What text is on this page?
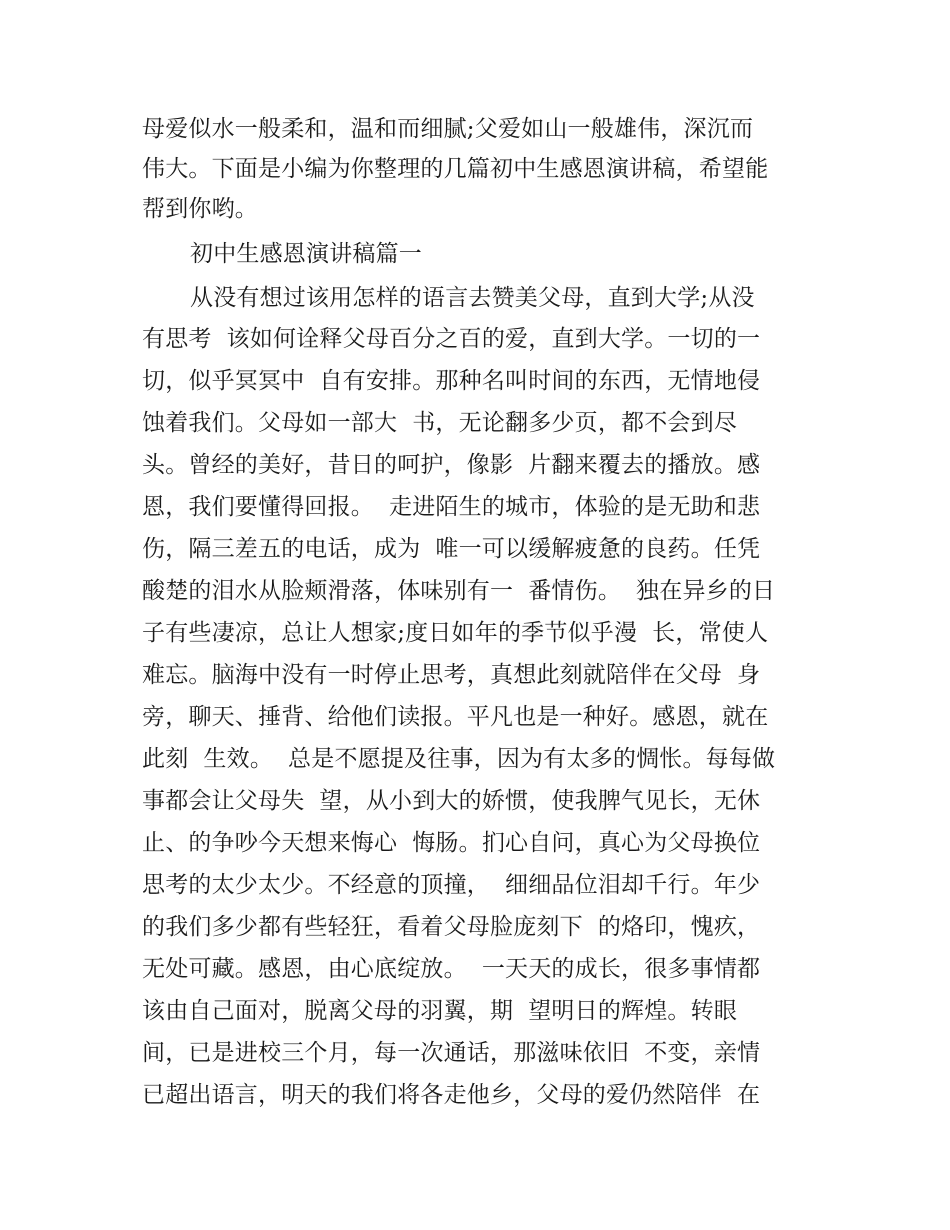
母爱似水一般柔和，温和而细腻;父爱如山一般雄伟，深沉而
伟大。下面是小编为你整理的几篇初中生感恩演讲稿，希望能
帮到你哟。
初中生感恩演讲稿篇一
从没有想过该用怎样的语言去赞美父母，直到大学;从没
有思考  该如何诠释父母百分之百的爱，直到大学。一切的一
切，似乎冥冥中  自有安排。那种名叫时间的东西，无情地侵
蚀着我们。父母如一部大  书，无论翻多少页，都不会到尽
头。曾经的美好，昔日的呵护，像影  片翻来覆去的播放。感
恩，我们要懂得回报。  走进陌生的城市，体验的是无助和悲
伤，隔三差五的电话，成为  唯一可以缓解疲惫的良药。任凭
酸楚的泪水从脸颊滑落，体味别有一  番情伤。  独在异乡的日
子有些凄凉，总让人想家;度日如年的季节似乎漫  长，常使人
难忘。脑海中没有一时停止思考，真想此刻就陪伴在父母  身
旁，聊天、捶背、给他们读报。平凡也是一种好。感恩，就在
此刻  生效。  总是不愿提及往事，因为有太多的惆怅。每每做
事都会让父母失  望，从小到大的娇惯，使我脾气见长，无休
止、的争吵今天想来悔心  悔肠。扪心自问，真心为父母换位
思考的太少太少。不经意的顶撞，  细细品位泪却千行。年少
的我们多少都有些轻狂，看着父母脸庞刻下  的烙印，愧疚，
无处可藏。感恩，由心底绽放。  一天天的成长，很多事情都
该由自己面对，脱离父母的羽翼，期  望明日的辉煌。转眼
间，已是进校三个月，每一次通话，那滋味依旧  不变，亲情
已超出语言，明天的我们将各走他乡，父母的爱仍然陪伴  在
